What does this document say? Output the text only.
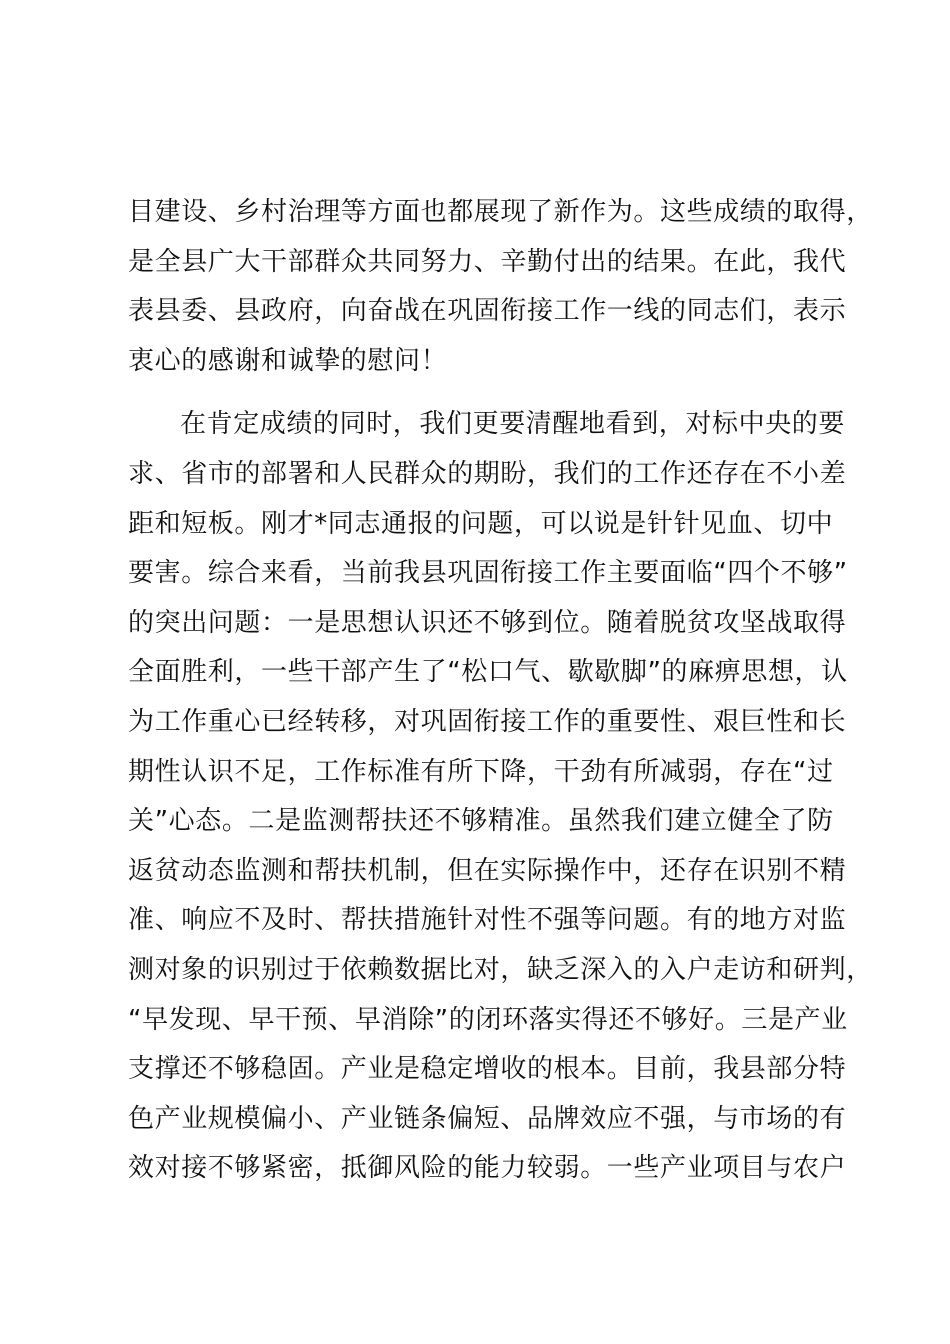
目建设、乡村治理等方面也都展现了新作为。这些成绩的取得，
是全县广大干部群众共同努力、辛勤付出的结果。在此，我代
表县委、县政府，向奋战在巩固衔接工作一线的同志们，表示
衷心的感谢和诚挚的慰问！
在肯定成绩的同时，我们更要清醒地看到，对标中央的要
求、省市的部署和人民群众的期盼，我们的工作还存在不小差
距和短板。刚才*同志通报的问题，可以说是针针见血、切中
要害。综合来看，当前我县巩固衔接工作主要面临“四个不够”
的突出问题：一是思想认识还不够到位。随着脱贫攻坚战取得
全面胜利，一些干部产生了“松口气、歇歇脚”的麻痹思想，认
为工作重心已经转移，对巩固衔接工作的重要性、艰巨性和长
期性认识不足，工作标准有所下降，干劲有所减弱，存在“过
关”心态。二是监测帮扶还不够精准。虽然我们建立健全了防
返贫动态监测和帮扶机制，但在实际操作中，还存在识别不精
准、响应不及时、帮扶措施针对性不强等问题。有的地方对监
测对象的识别过于依赖数据比对，缺乏深入的入户走访和研判，
“早发现、早干预、早消除”的闭环落实得还不够好。三是产业
支撑还不够稳固。产业是稳定增收的根本。目前，我县部分特
色产业规模偏小、产业链条偏短、品牌效应不强，与市场的有
效对接不够紧密，抵御风险的能力较弱。一些产业项目与农户
